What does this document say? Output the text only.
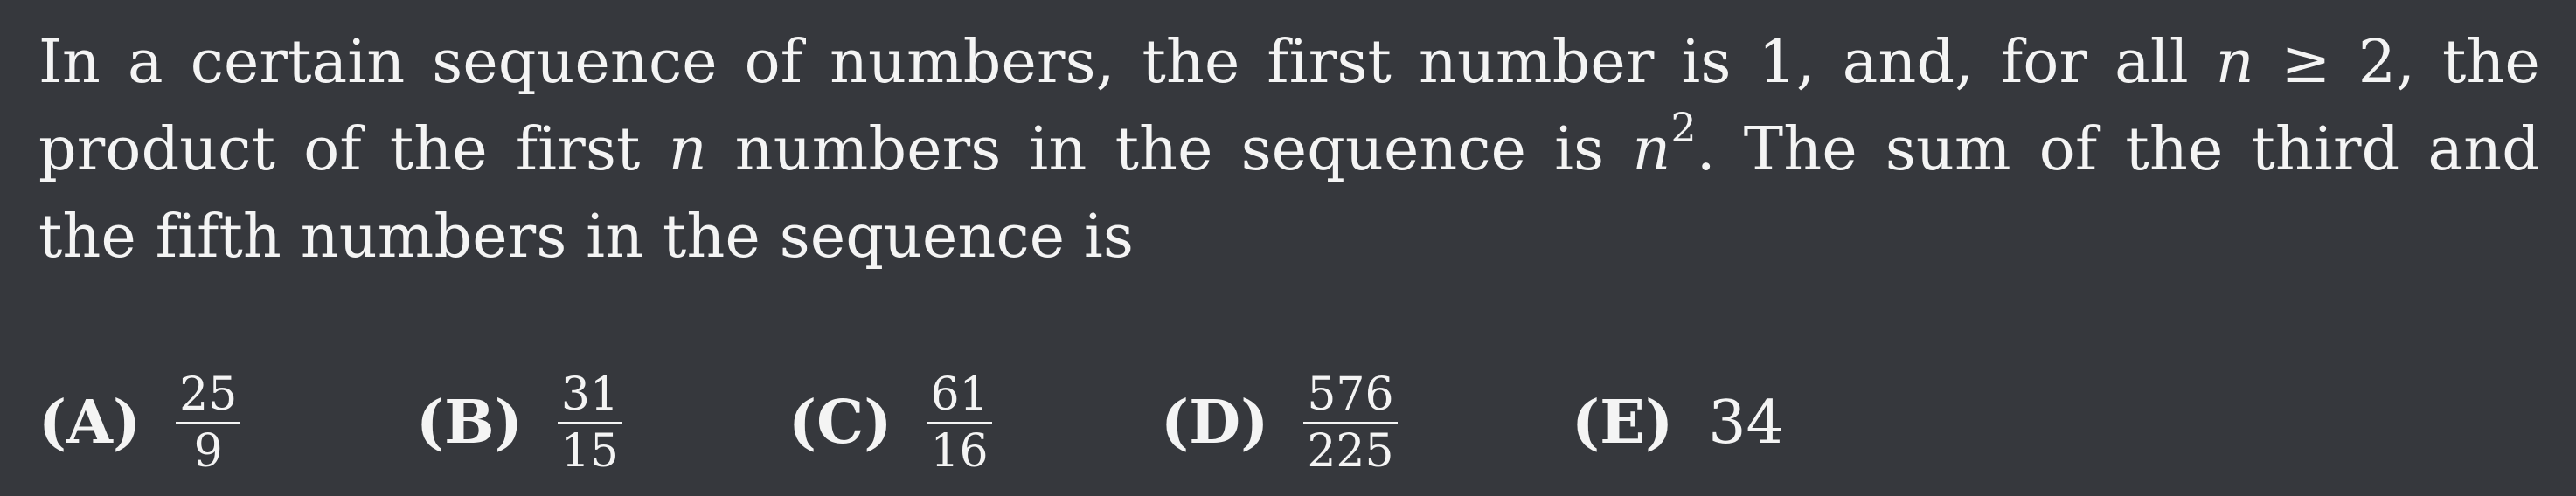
In a certain sequence of numbers, the first number is 1, and, for all n ≥ 2, the
product of the first n numbers in the sequence is $n^2$. The sum of the third and
the fifth numbers in the sequence is
$(A) \frac{25}{9}$	$(B) \frac{31}{15}$	$(C) \frac{61}{16}$	$(D) \frac{576}{225}$	(E) 34
